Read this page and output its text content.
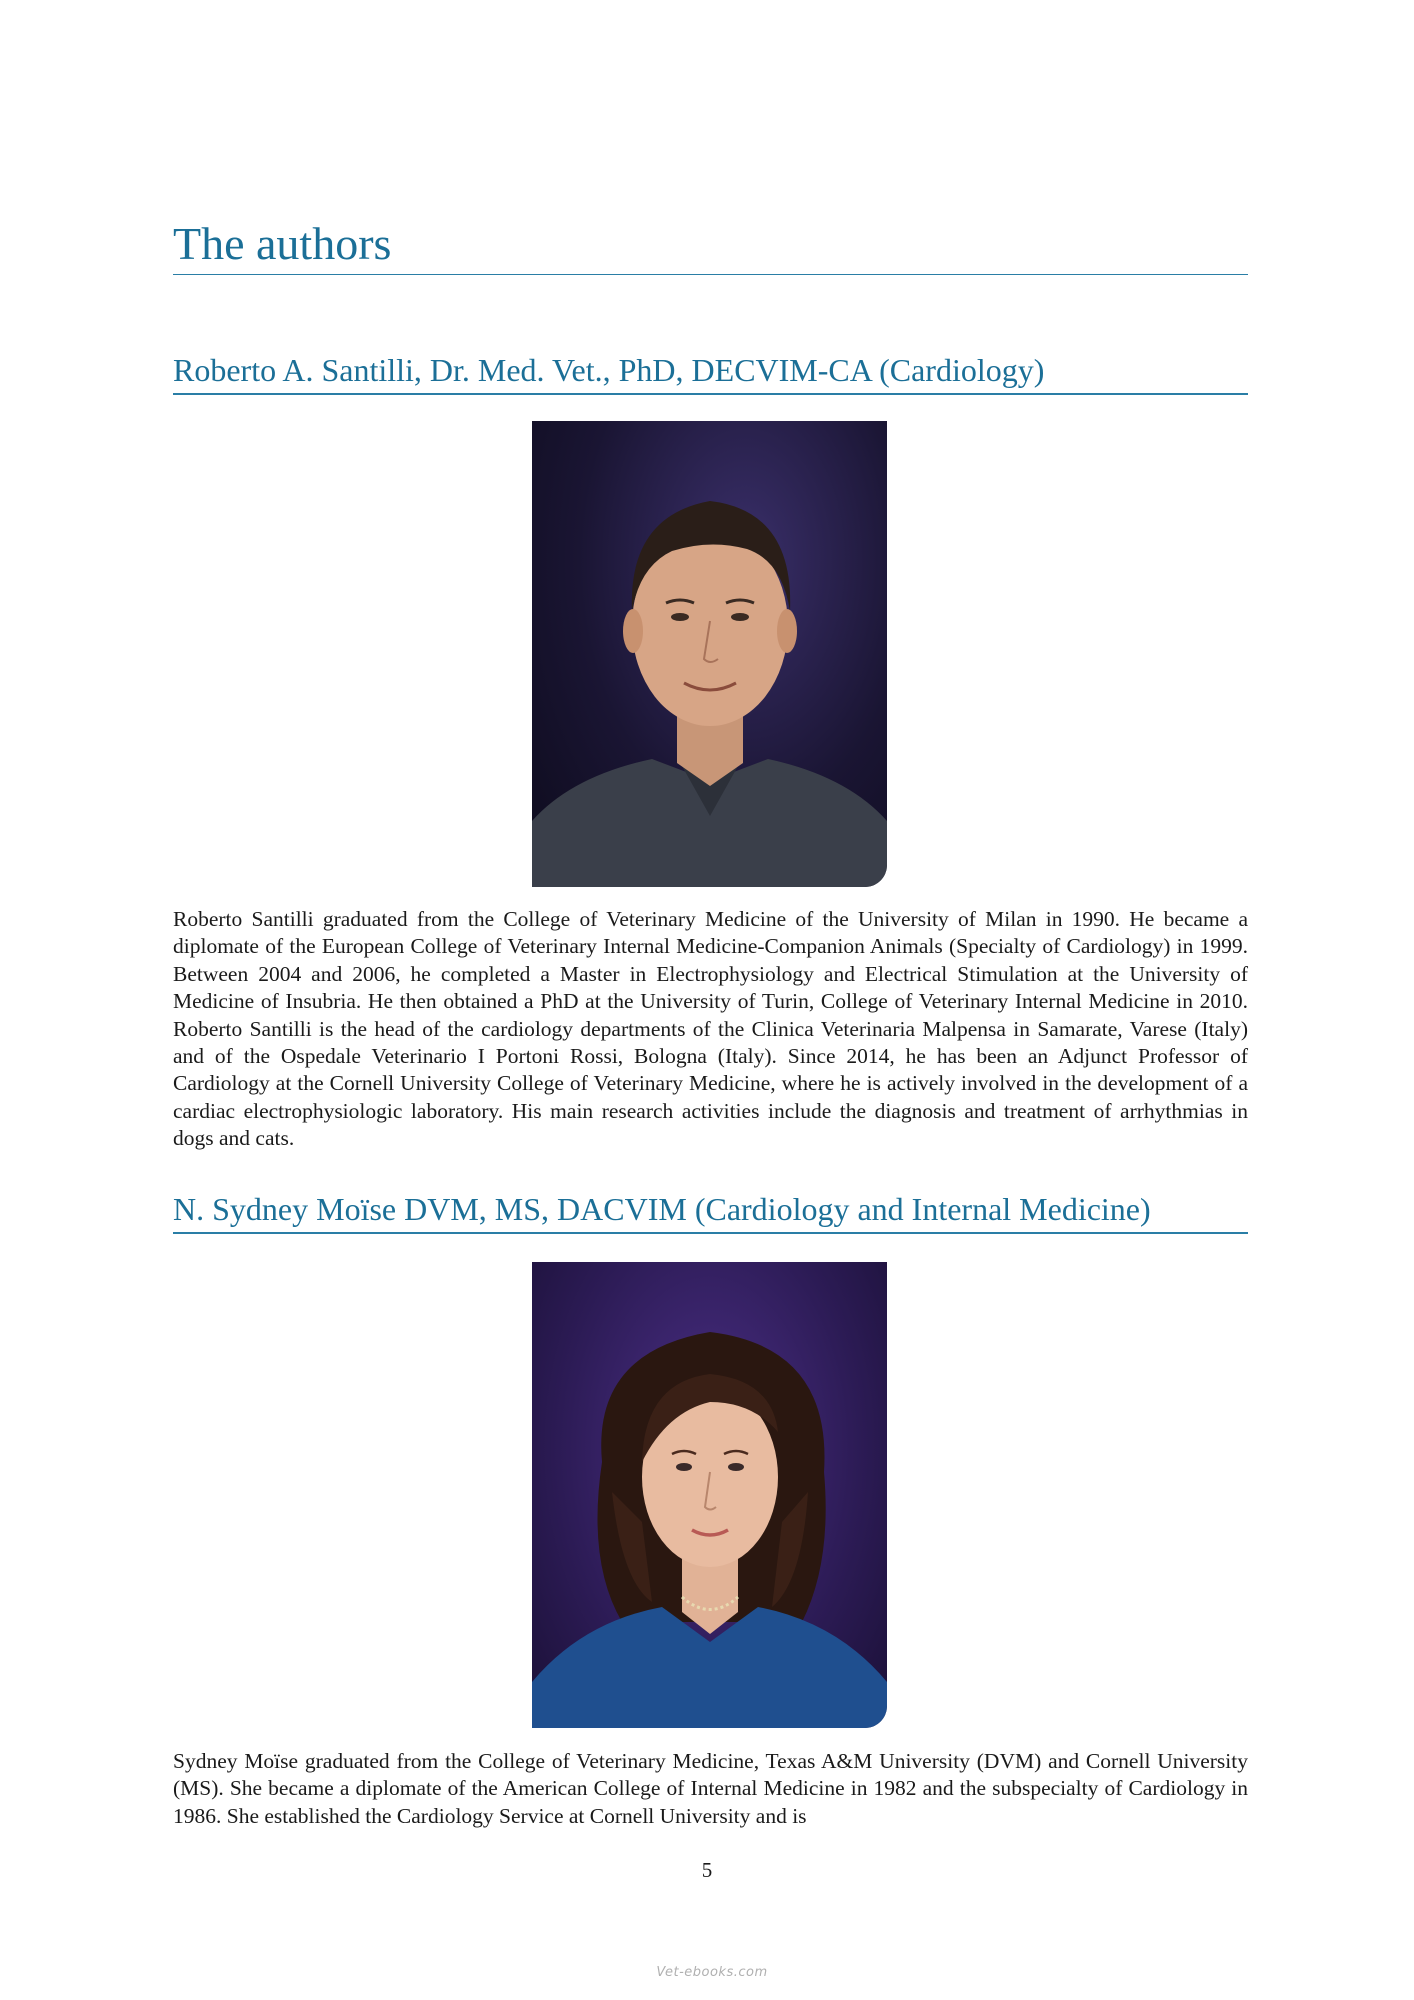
The authors
Roberto A. Santilli, Dr. Med. Vet., PhD, DECVIM-CA (Cardiology)

Roberto Santilli graduated from the College of Veterinary Medicine of the University of Milan in 1990. He became a diplomate of the European College of Veterinary Internal Medicine-Companion Animals (Specialty of Cardiology) in 1999. Between 2004 and 2006, he completed a Master in Electrophysiology and Electrical Stimulation at the University of Medicine of Insubria. He then obtained a PhD at the University of Turin, College of Veterinary Internal Medicine in 2010. Roberto Santilli is the head of the cardiology departments of the Clinica Veterinaria Malpensa in Samarate, Varese (Italy) and of the Ospedale Veterinario I Portoni Rossi, Bologna (Italy). Since 2014, he has been an Adjunct Professor of Cardiology at the Cornell University College of Veterinary Medicine, where he is actively involved in the development of a cardiac electrophysiologic laboratory. His main research activities include the diagnosis and treatment of arrhythmias in dogs and cats.

N. Sydney Moïse DVM, MS, DACVIM (Cardiology and Internal Medicine)

Sydney Moïse graduated from the College of Veterinary Medicine, Texas A&M University (DVM) and Cornell University (MS). She became a diplomate of the American College of Internal Medicine in 1982 and the subspecialty of Cardiology in 1986. She established the Cardiology Service at Cornell University and is

5

Vet-ebooks.com
